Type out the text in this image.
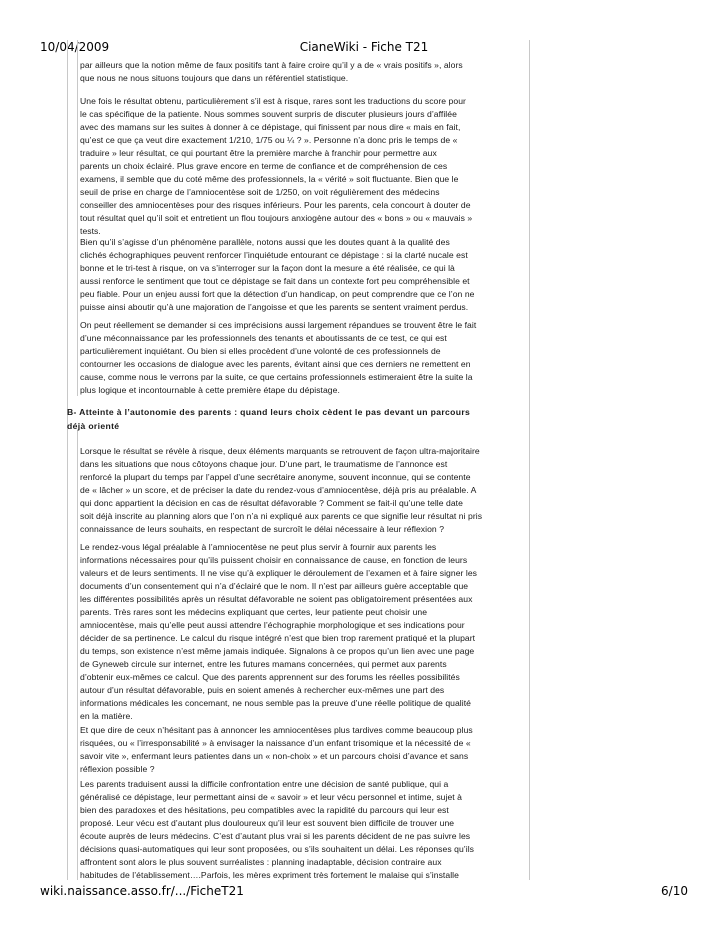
10/04/2009	CianeWiki - Fiche T21
par ailleurs que la notion même de faux positifs tant à faire croire qu’il y a de « vrais positifs », alors
que nous ne nous situons toujours que dans un référentiel statistique.
Une fois le résultat obtenu, particulièrement s’il est à risque, rares sont les traductions du score pour
le cas spécifique de la patiente. Nous sommes souvent surpris de discuter plusieurs jours d’affilée
avec des mamans sur les suites à donner à ce dépistage, qui finissent par nous dire « mais en fait,
qu’est ce que ça veut dire exactement 1/210, 1/75 ou ¼ ? ». Personne n’a donc pris le temps de «
traduire » leur résultat, ce qui pourtant être la première marche à franchir pour permettre aux
parents un choix éclairé. Plus grave encore en terme de confiance et de compréhension de ces
examens, il semble que du coté même des professionnels, la « vérité » soit fluctuante. Bien que le
seuil de prise en charge de l’amniocentèse soit de 1/250, on voit régulièrement des médecins
conseiller des amniocentèses pour des risques inférieurs. Pour les parents, cela concourt à douter de
tout résultat quel qu’il soit et entretient un flou toujours anxiogène autour des « bons » ou « mauvais »
tests.
Bien qu’il s’agisse d’un phénomène parallèle, notons aussi que les doutes quant à la qualité des
clichés échographiques peuvent renforcer l’inquiétude entourant ce dépistage : si la clarté nucale est
bonne et le tri-test à risque, on va s’interroger sur la façon dont la mesure a été réalisée, ce qui là
aussi renforce le sentiment que tout ce dépistage se fait dans un contexte fort peu compréhensible et
peu fiable. Pour un enjeu aussi fort que la détection d’un handicap, on peut comprendre que ce l’on ne
puisse ainsi aboutir qu’à une majoration de l’angoisse et que les parents se sentent vraiment perdus.
On peut réellement se demander si ces imprécisions aussi largement répandues se trouvent être le fait
d’une méconnaissance par les professionnels des tenants et aboutissants de ce test, ce qui est
particulièrement inquiétant. Ou bien si elles procèdent d’une volonté de ces professionnels de
contourner les occasions de dialogue avec les parents, évitant ainsi que ces derniers ne remettent en
cause, comme nous le verrons par la suite, ce que certains professionnels estimeraient être la suite la
plus logique et incontournable à cette première étape du dépistage.
B- Atteinte à l’autonomie des parents : quand leurs choix cèdent le pas devant un parcours
déjà orienté
Lorsque le résultat se révèle à risque, deux éléments marquants se retrouvent de façon ultra-majoritaire
dans les situations que nous côtoyons chaque jour. D’une part, le traumatisme de l’annonce est
renforcé la plupart du temps par l’appel d’une secrétaire anonyme, souvent inconnue, qui se contente
de « lâcher » un score, et de préciser la date du rendez-vous d’amniocentèse, déjà pris au préalable. A
qui donc appartient la décision en cas de résultat défavorable ? Comment se fait-il qu’une telle date
soit déjà inscrite au planning alors que l’on n’a ni expliqué aux parents ce que signifie leur résultat ni pris
connaissance de leurs souhaits, en respectant de surcroît le délai nécessaire à leur réflexion ?
Le rendez-vous légal préalable à l’amniocentèse ne peut plus servir à fournir aux parents les
informations nécessaires pour qu’ils puissent choisir en connaissance de cause, en fonction de leurs
valeurs et de leurs sentiments. Il ne vise qu’à expliquer le déroulement de l’examen et à faire signer les
documents d’un consentement qui n’a d’éclairé que le nom. Il n’est par ailleurs guère acceptable que
les différentes possibilités après un résultat défavorable ne soient pas obligatoirement présentées aux
parents. Très rares sont les médecins expliquant que certes, leur patiente peut choisir une
amniocentèse, mais qu’elle peut aussi attendre l’échographie morphologique et ses indications pour
décider de sa pertinence. Le calcul du risque intégré n’est que bien trop rarement pratiqué et la plupart
du temps, son existence n’est même jamais indiquée. Signalons à ce propos qu’un lien avec une page
de Gyneweb circule sur internet, entre les futures mamans concernées, qui permet aux parents
d’obtenir eux-mêmes ce calcul. Que des parents apprennent sur des forums les réelles possibilités
autour d’un résultat défavorable, puis en soient amenés à rechercher eux-mêmes une part des
informations médicales les concemant, ne nous semble pas la preuve d’une réelle politique de qualité
en la matière.
Et que dire de ceux n’hésitant pas à annoncer les amniocentèses plus tardives comme beaucoup plus
risquées, ou « l’irresponsabilité » à envisager la naissance d’un enfant trisomique et la nécessité de «
savoir vite », enfermant leurs patientes dans un « non-choix » et un parcours choisi d’avance et sans
réflexion possible ?
Les parents traduisent aussi la difficile confrontation entre une décision de santé publique, qui a
généralisé ce dépistage, leur permettant ainsi de « savoir » et leur vécu personnel et intime, sujet à
bien des paradoxes et des hésitations, peu compatibles avec la rapidité du parcours qui leur est
proposé. Leur vécu est d’autant plus douloureux qu’il leur est souvent bien difficile de trouver une
écoute auprès de leurs médecins. C’est d’autant plus vrai si les parents décident de ne pas suivre les
décisions quasi-automatiques qui leur sont proposées, ou s’ils souhaitent un délai. Les réponses qu’ils
affrontent sont alors le plus souvent surréalistes : planning inadaptable, décision contraire aux
habitudes de l’établissement….Parfois, les mères expriment très fortement le malaise qui s’installe
wiki.naissance.asso.fr/.../FicheT21	6/10
